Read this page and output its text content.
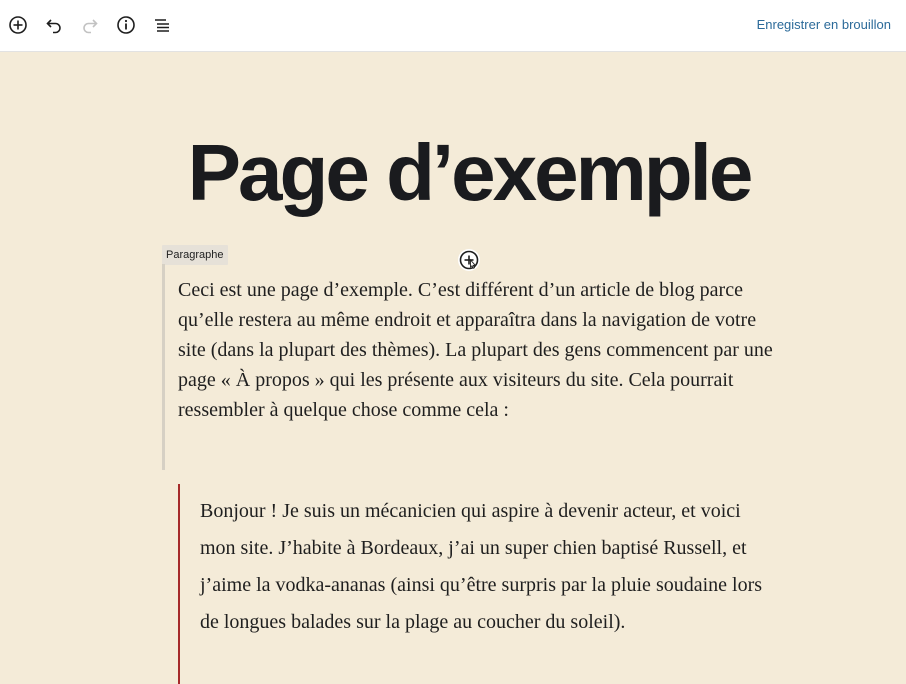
Enregistrer en brouillon
Page d’exemple
Paragraphe

Ceci est une page d’exemple. C’est différent d’un article de blog parce qu’elle restera au même endroit et apparaîtra dans la navigation de votre site (dans la plupart des thèmes). La plupart des gens commencent par une page « À propos » qui les présente aux visiteurs du site. Cela pourrait ressembler à quelque chose comme cela :

Bonjour ! Je suis un mécanicien qui aspire à devenir acteur, et voici mon site. J’habite à Bordeaux, j’ai un super chien baptisé Russell, et j’aime la vodka-ananas (ainsi qu’être surpris par la pluie soudaine lors de longues balades sur la plage au coucher du soleil).
